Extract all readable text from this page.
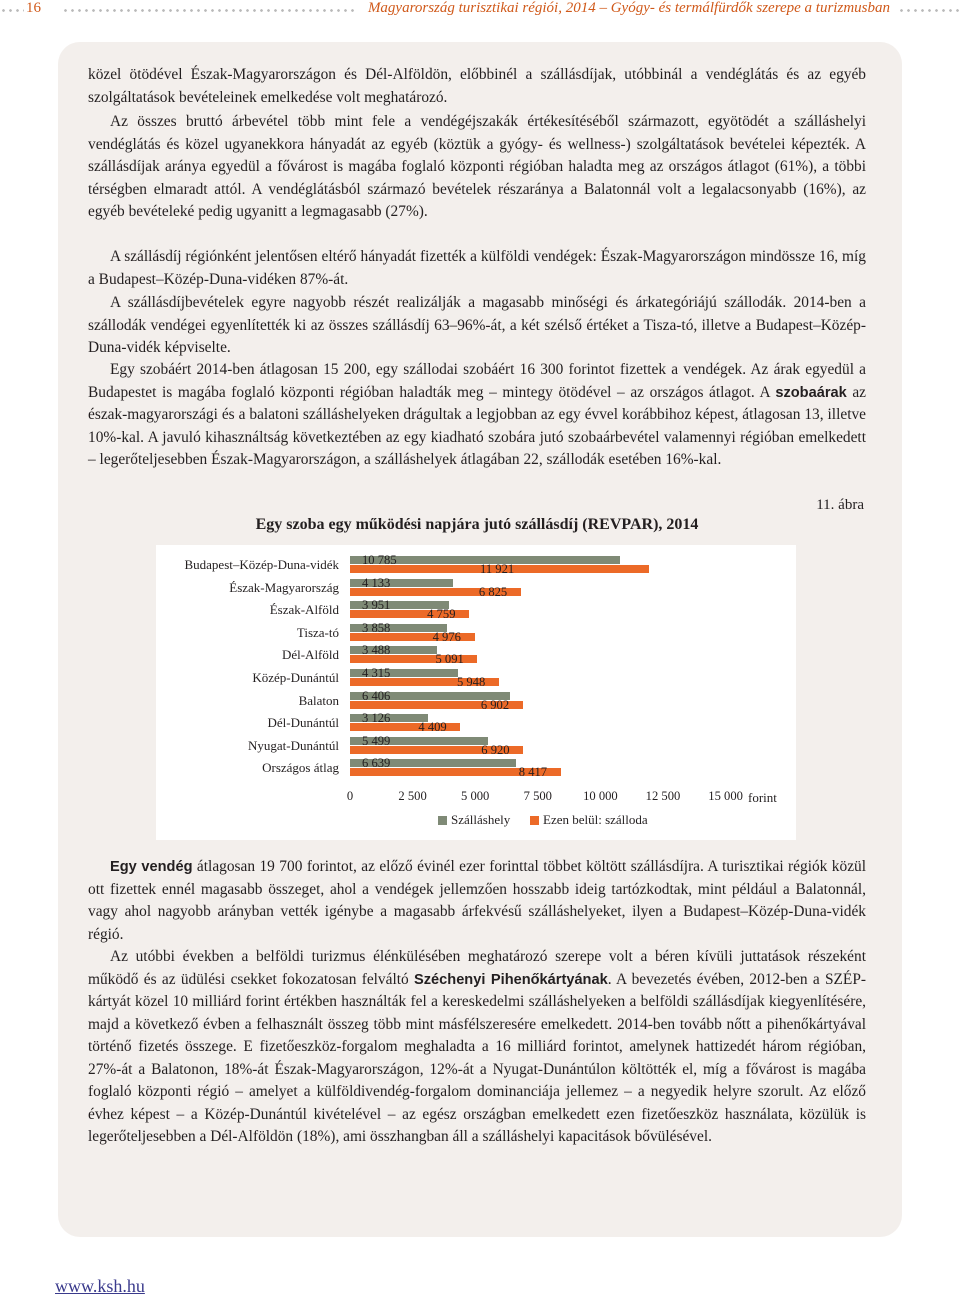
16	Magyarország turisztikai régiói, 2014 – Gyógy- és termálfürdők szerepe a turizmusban

közel ötödével Észak-Magyarországon és Dél-Alföldön, előbbinél a szállásdíjak, utóbbinál a vendéglátás és az egyéb szolgáltatások bevételeinek emelkedése volt meghatározó.

Az összes bruttó árbevétel több mint fele a vendégéjszakák értékesítéséből származott, egyötödét a szálláshelyi vendéglátás és közel ugyanekkora hányadát az egyéb (köztük a gyógy- és wellness-) szolgáltatások bevételei képezték. A szállásdíjak aránya egyedül a fővárost is magába foglaló központi régióban haladta meg az országos átlagot (61%), a többi térségben elmaradt attól. A vendéglátásból származó bevételek részaránya a Balatonnál volt a legalacsonyabb (16%), az egyéb bevételeké pedig ugyanitt a legmagasabb (27%).

A szállásdíj régiónként jelentősen eltérő hányadát fizették a külföldi vendégek: Észak-Magyarországon mindössze 16, míg a Budapest–Közép-Duna-vidéken 87%-át.

A szállásdíjbevételek egyre nagyobb részét realizálják a magasabb minőségi és árkategóriájú szállodák. 2014-ben a szállodák vendégei egyenlítették ki az összes szállásdíj 63–96%-át, a két szélső értéket a Tisza-tó, illetve a Budapest–Közép-Duna-vidék képviselte.

Egy szobáért 2014-ben átlagosan 15 200, egy szállodai szobáért 16 300 forintot fizettek a vendégek. Az árak egyedül a Budapestet is magába foglaló központi régióban haladták meg – mintegy ötödével – az országos átlagot. A szobaárak az észak-magyarországi és a balatoni szálláshelyeken drágultak a legjobban az egy évvel korábbihoz képest, átlagosan 13, illetve 10%-kal. A javuló kihasználtság következtében az egy kiadható szobára jutó szobaárbevétel valamennyi régióban emelkedett – legerőteljesebben Észak-Magyarországon, a szálláshelyek átlagában 22, szállodák esetében 16%-kal.

11. ábra
Egy szoba egy működési napjára jutó szállásdíj (REVPAR), 2014
Budapest–Közép-Duna-vidék 10 785
11 921
Észak-Magyarország 4 133
6 825
Észak-Alföld 3 951
4 759
Tisza-tó 3 858
4 976
Dél-Alföld 3 488
5 091
Közép-Dunántúl 4 315
5 948
Balaton 6 406
6 902
Dél-Dunántúl 3 126
4 409
Nyugat-Dunántúl 5 499
6 920
Országos átlag 6 639
8 417
0	2 500	5 000	7 500 10 000 12 500 15 000 forint
Szálláshely	Ezen belül: szálloda

Egy vendég átlagosan 19 700 forintot, az előző évinél ezer forinttal többet költött szállásdíjra. A turisztikai régiók közül ott fizettek ennél magasabb összeget, ahol a vendégek jellemzően hosszabb ideig tartózkodtak, mint például a Balatonnál, vagy ahol nagyobb arányban vették igénybe a magasabb árfekvésű szálláshelyeket, ilyen a Budapest–Közép-Duna-vidék régió.

Az utóbbi években a belföldi turizmus élénkülésében meghatározó szerepe volt a béren kívüli juttatások részeként működő és az üdülési csekket fokozatosan felváltó Széchenyi Pihenőkártyának. A bevezetés évében, 2012-ben a SZÉP-kártyát közel 10 milliárd forint értékben használták fel a kereskedelmi szálláshelyeken a belföldi szállásdíjak kiegyenlítésére, majd a következő évben a felhasznált összeg több mint másfélszeresére emelkedett. 2014-ben tovább nőtt a pihenőkártyával történő fizetés összege. E fizetőeszköz-forgalom meghaladta a 16 milliárd forintot, amelynek hattizedét három régióban, 27%-át a Balatonon, 18%-át Észak-Magyarországon, 12%-át a Nyugat-Dunántúlon költötték el, míg a fővárost is magába foglaló központi régió – amelyet a külföldivendég-forgalom dominanciája jellemez – a negyedik helyre szorult. Az előző évhez képest – a Közép-Dunántúl kivételével – az egész országban emelkedett ezen fizetőeszköz használata, közülük is legerőteljesebben a Dél-Alföldön (18%), ami összhangban áll a szálláshelyi kapacitások bővülésével.

www.ksh.hu
